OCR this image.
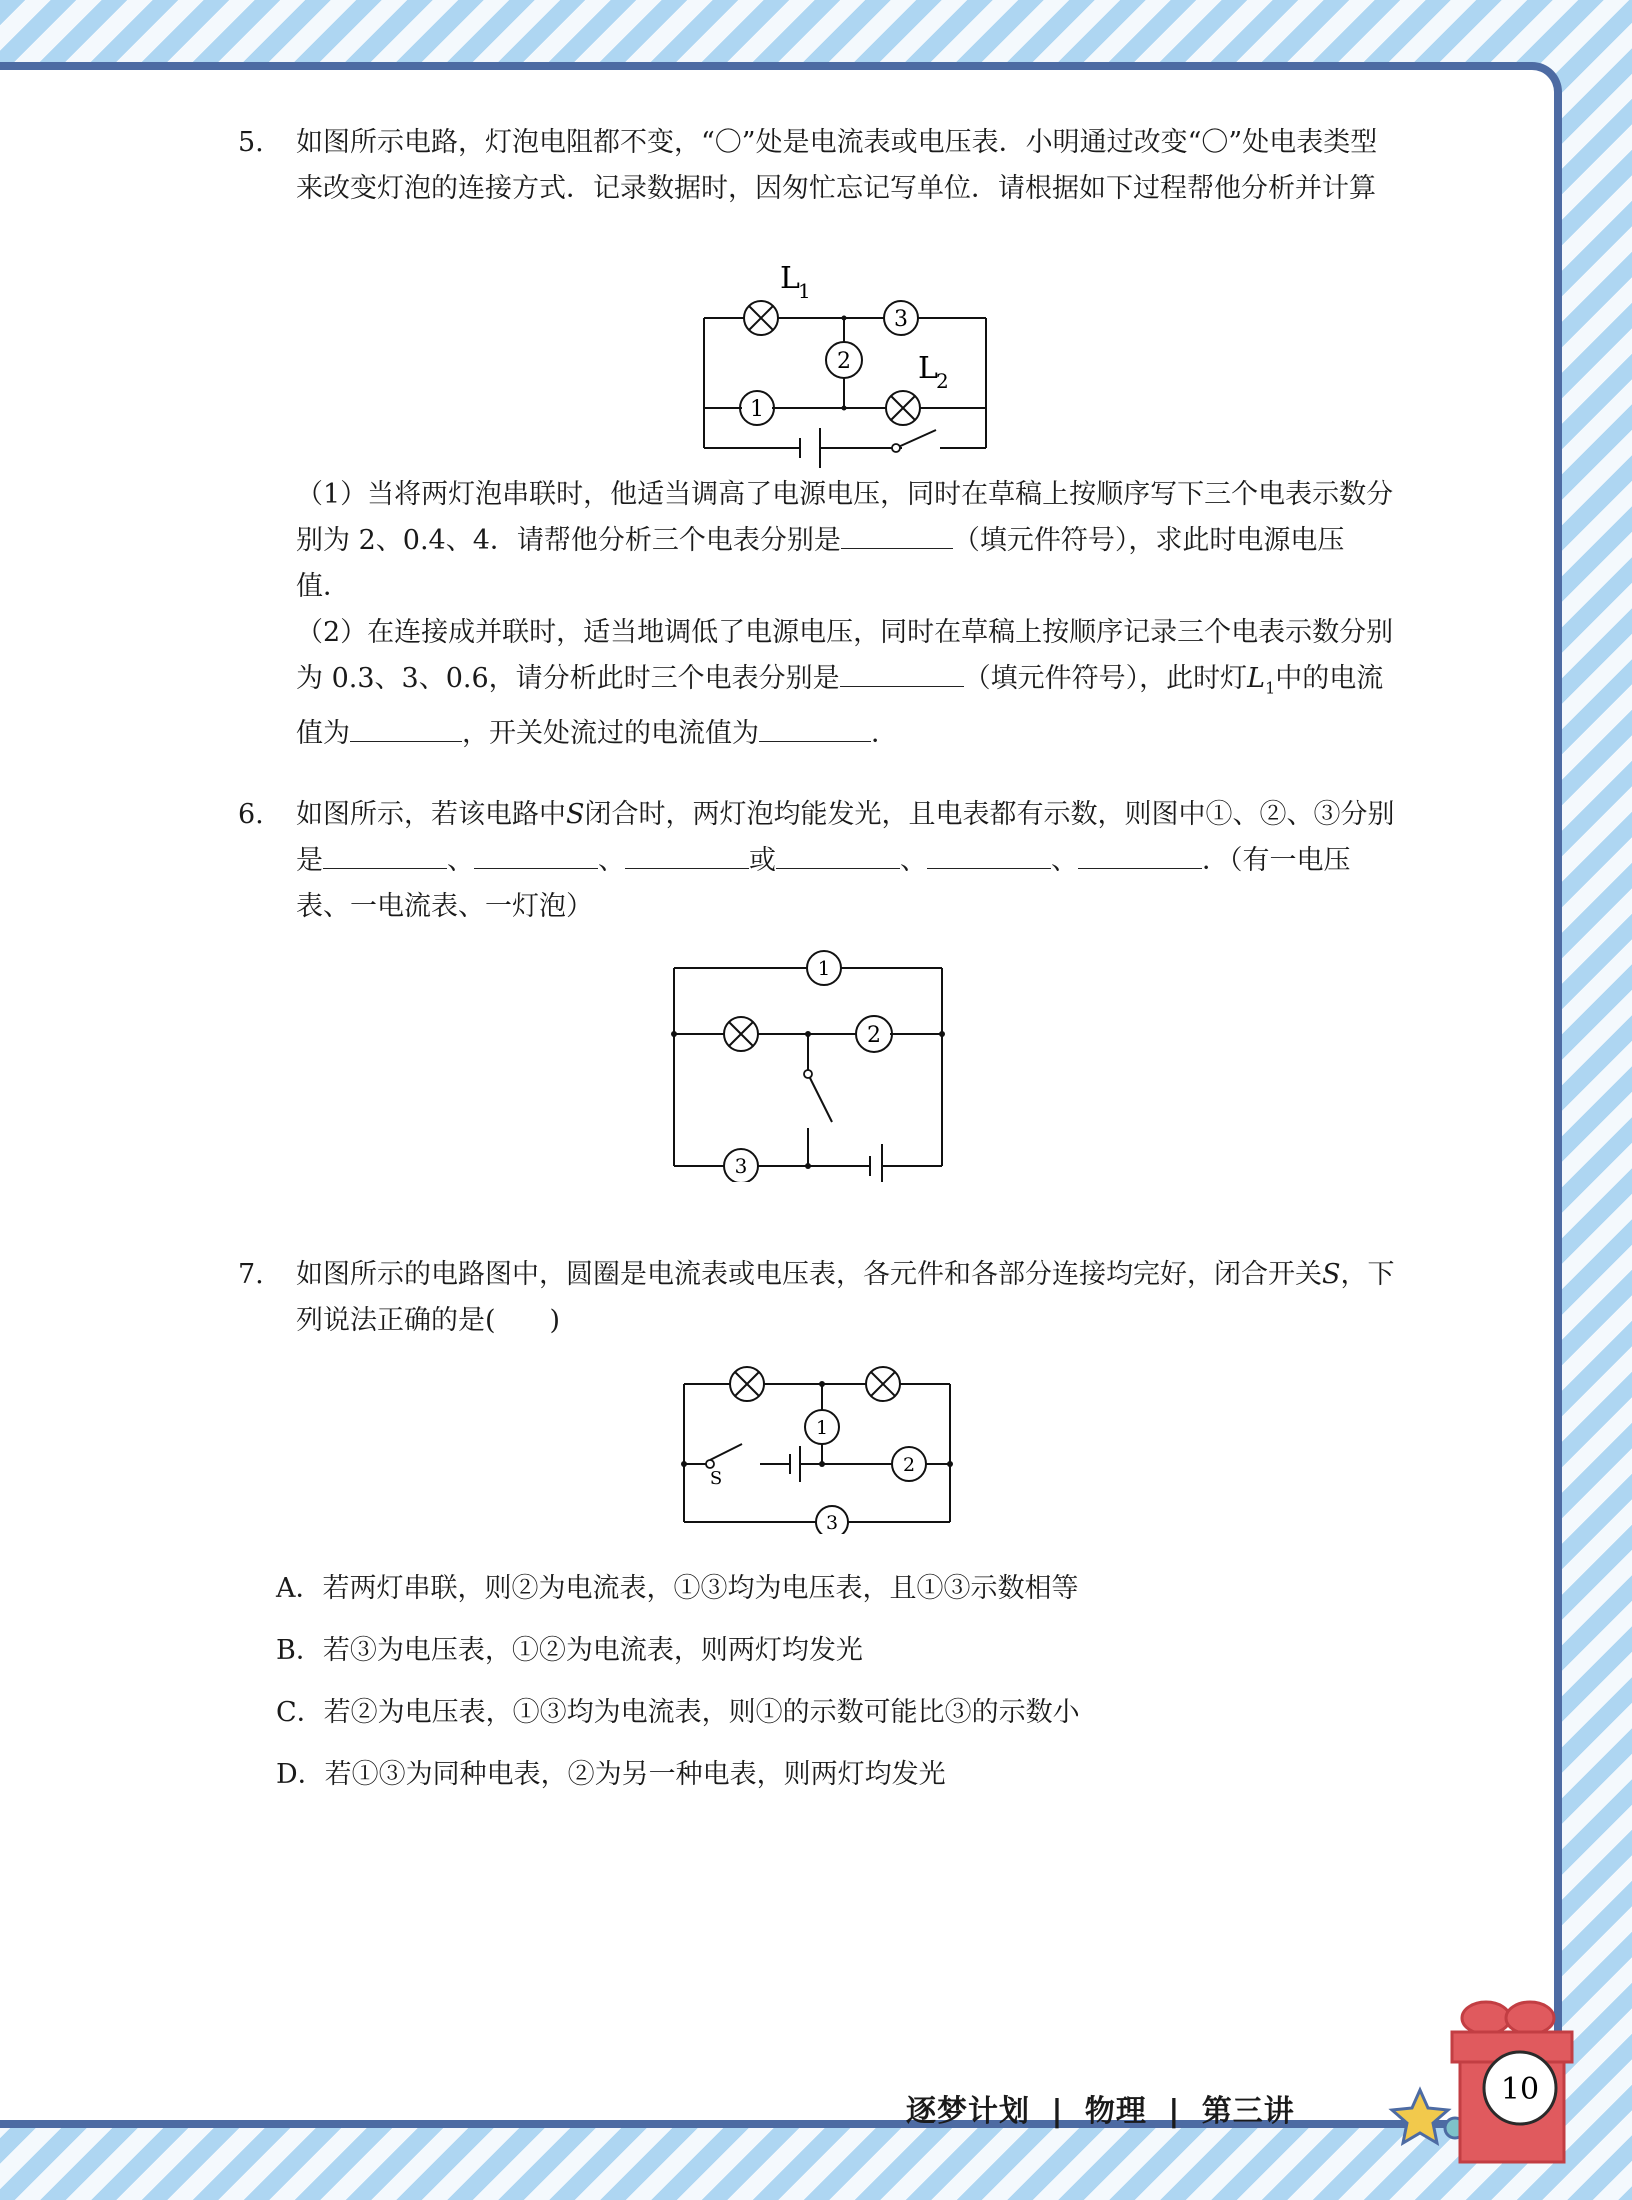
5.	如图所示电路，灯泡电阻都不变，“〇”处是电流表或电压表．小明通过改变“〇”处电表类型来改变灯泡的连接方式．记录数据时，因匆忙忘记写单位．请根据如下过程帮他分析并计算

3
2
1
L
1
L
2

（1）当将两灯泡串联时，他适当调高了电源电压，同时在草稿上按顺序写下三个电表示数分别为 2、0.4、4．请帮他分析三个电表分别是	（填元件符号），求此时电源电压值．

（2）在连接成并联时，适当地调低了电源电压，同时在草稿上按顺序记录三个电表示数分别为 0.3、3、0.6，请分析此时三个电表分别是	（填元件符号），此时灯$L_1$中的电流值为	，开关处流过的电流值为	．

6.	如图所示，若该电路中S闭合时，两灯泡均能发光，且电表都有示数，则图中①、②、③分别是	、	、	或	、	、	．（有一电压表、一电流表、一灯泡）

1
2
3
7.	如图所示的电路图中，圆圈是电流表或电压表，各元件和各部分连接均完好，闭合开关S，下列说法正确的是(　　)

1
2
3
S
A．若两灯串联，则②为电流表，①③均为电压表，且①③示数相等
B．若③为电压表，①②为电流表，则两灯均发光
C．若②为电压表，①③均为电流表，则①的示数可能比③的示数小
D．若①③为同种电表，②为另一种电表，则两灯均发光
逐梦计划 | 物理 | 第三讲
10
